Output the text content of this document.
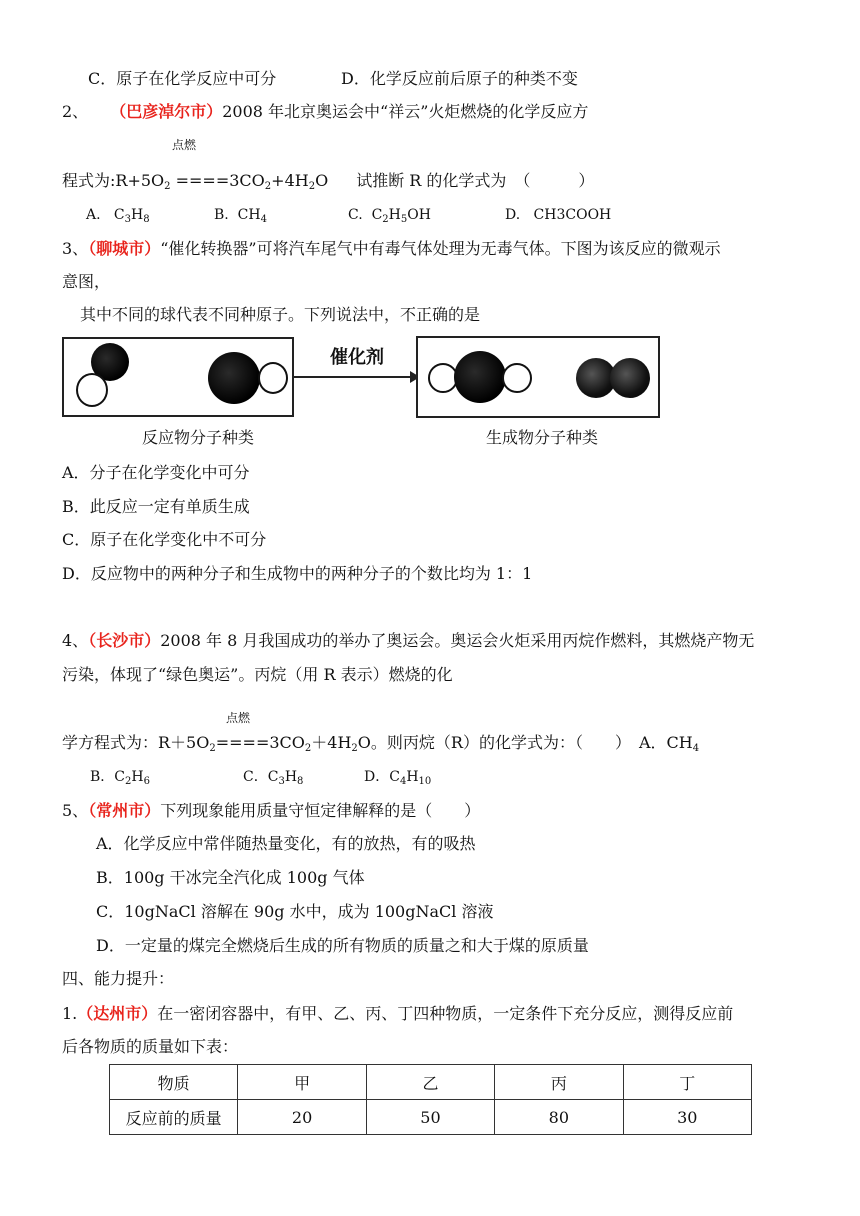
C．原子在化学反应中可分	D．化学反应前后原子的种类不变
2、 （巴彦淖尔市）2008 年北京奥运会中“祥云”火炬燃烧的化学反应方
点燃
程式为$:R+5O_2 ====3CO_2+4H_2O$ 试推断 R 的化学式为　（　　　）
A. $C_3H_8$	B. $CH_4$	C. $C_2H_5OH$	D. CH3COOH
3、（聊城市）“催化转换器”可将汽车尾气中有毒气体处理为无毒气体。下图为该反应的微观示
意图，
其中不同的球代表不同种原子。下列说法中，不正确的是
催化剂
反应物分子种类	生成物分子种类
A．分子在化学变化中可分
B．此反应一定有单质生成
C．原子在化学变化中不可分
D．反应物中的两种分子和生成物中的两种分子的个数比均为 1：1
4、（长沙市）2008 年 8 月我国成功的举办了奥运会。奥运会火炬采用丙烷作燃料，其燃烧产物无
污染，体现了“绿色奥运”。丙烷（用 R 表示）燃烧的化
点燃
学方程式为：$R+5O_2====3CO_2+4H_2O$。则丙烷（R）的化学式为：（　　）　A．$CH_4$
B．$C_2H_6$	C．$C_3H_8$	D．$C_4H_{10}$
5、（常州市）下列现象能用质量守恒定律解释的是（　　）
A．化学反应中常伴随热量变化，有的放热，有的吸热
B．100g 干冰完全汽化成 100g 气体
C．10gNaCl 溶解在 90g 水中，成为 100gNaCl 溶液
D．一定量的煤完全燃烧后生成的所有物质的质量之和大于煤的原质量
四、能力提升：
1.（达州市）在一密闭容器中，有甲、乙、丙、丁四种物质，一定条件下充分反应，测得反应前
后各物质的质量如下表：
物质	甲	乙	丙	丁
反应前的质量	20	50	80	30
